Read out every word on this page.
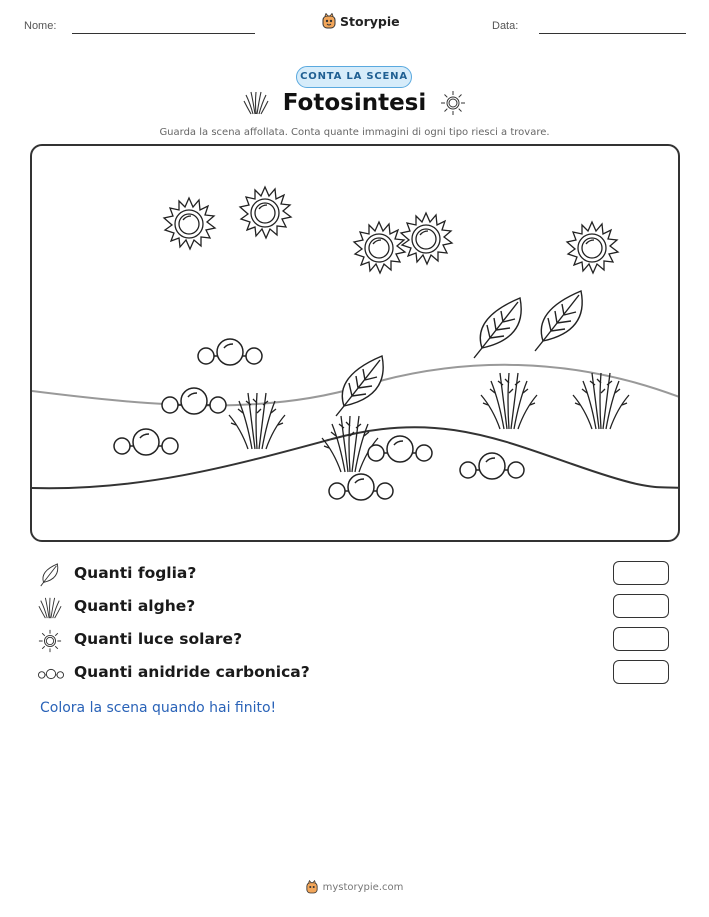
Nome:	Storypie	Data:
CONTA LA SCENA
Fotosintesi
Guarda la scena affollata. Conta quante immagini di ogni tipo riesci a trovare.
Quanti foglia?
Quanti alghe?
Quanti luce solare?
Quanti anidride carbonica?
Colora la scena quando hai finito!
mystorypie.com
